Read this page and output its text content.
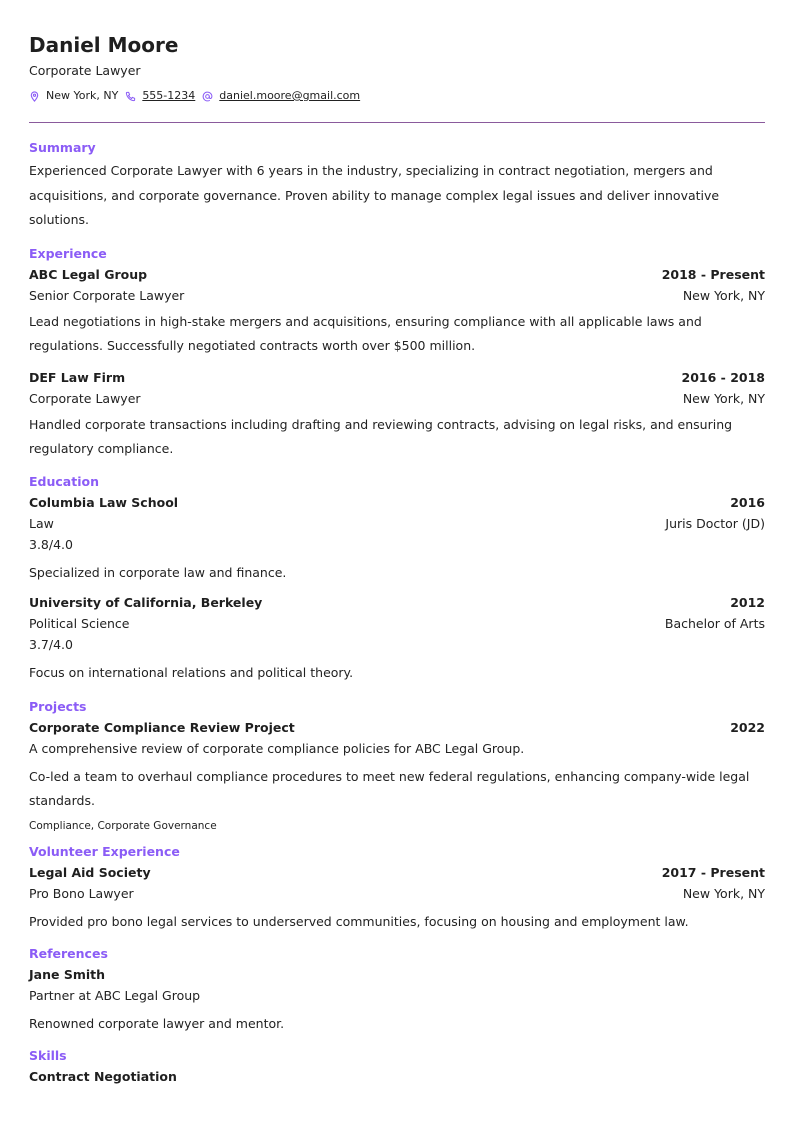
Daniel Moore
Corporate Lawyer
New York, NY 555-1234 daniel.moore@gmail.com
Summary
Experienced Corporate Lawyer with 6 years in the industry, specializing in contract negotiation, mergers and acquisitions, and corporate governance. Proven ability to manage complex legal issues and deliver innovative solutions.
Experience
ABC Legal Group	2018 - Present
Senior Corporate Lawyer	New York, NY
Lead negotiations in high-stake mergers and acquisitions, ensuring compliance with all applicable laws and regulations. Successfully negotiated contracts worth over $500 million.
DEF Law Firm	2016 - 2018
Corporate Lawyer	New York, NY
Handled corporate transactions including drafting and reviewing contracts, advising on legal risks, and ensuring regulatory compliance.
Education
Columbia Law School	2016
Law	Juris Doctor (JD)
3.8/4.0
Specialized in corporate law and finance.
University of California, Berkeley	2012
Political Science	Bachelor of Arts
3.7/4.0
Focus on international relations and political theory.
Projects
Corporate Compliance Review Project	2022
A comprehensive review of corporate compliance policies for ABC Legal Group.
Co-led a team to overhaul compliance procedures to meet new federal regulations, enhancing company-wide legal standards.
Compliance, Corporate Governance
Volunteer Experience
Legal Aid Society	2017 - Present
Pro Bono Lawyer	New York, NY
Provided pro bono legal services to underserved communities, focusing on housing and employment law.
References
Jane Smith
Partner at ABC Legal Group
Renowned corporate lawyer and mentor.
Skills
Contract Negotiation
